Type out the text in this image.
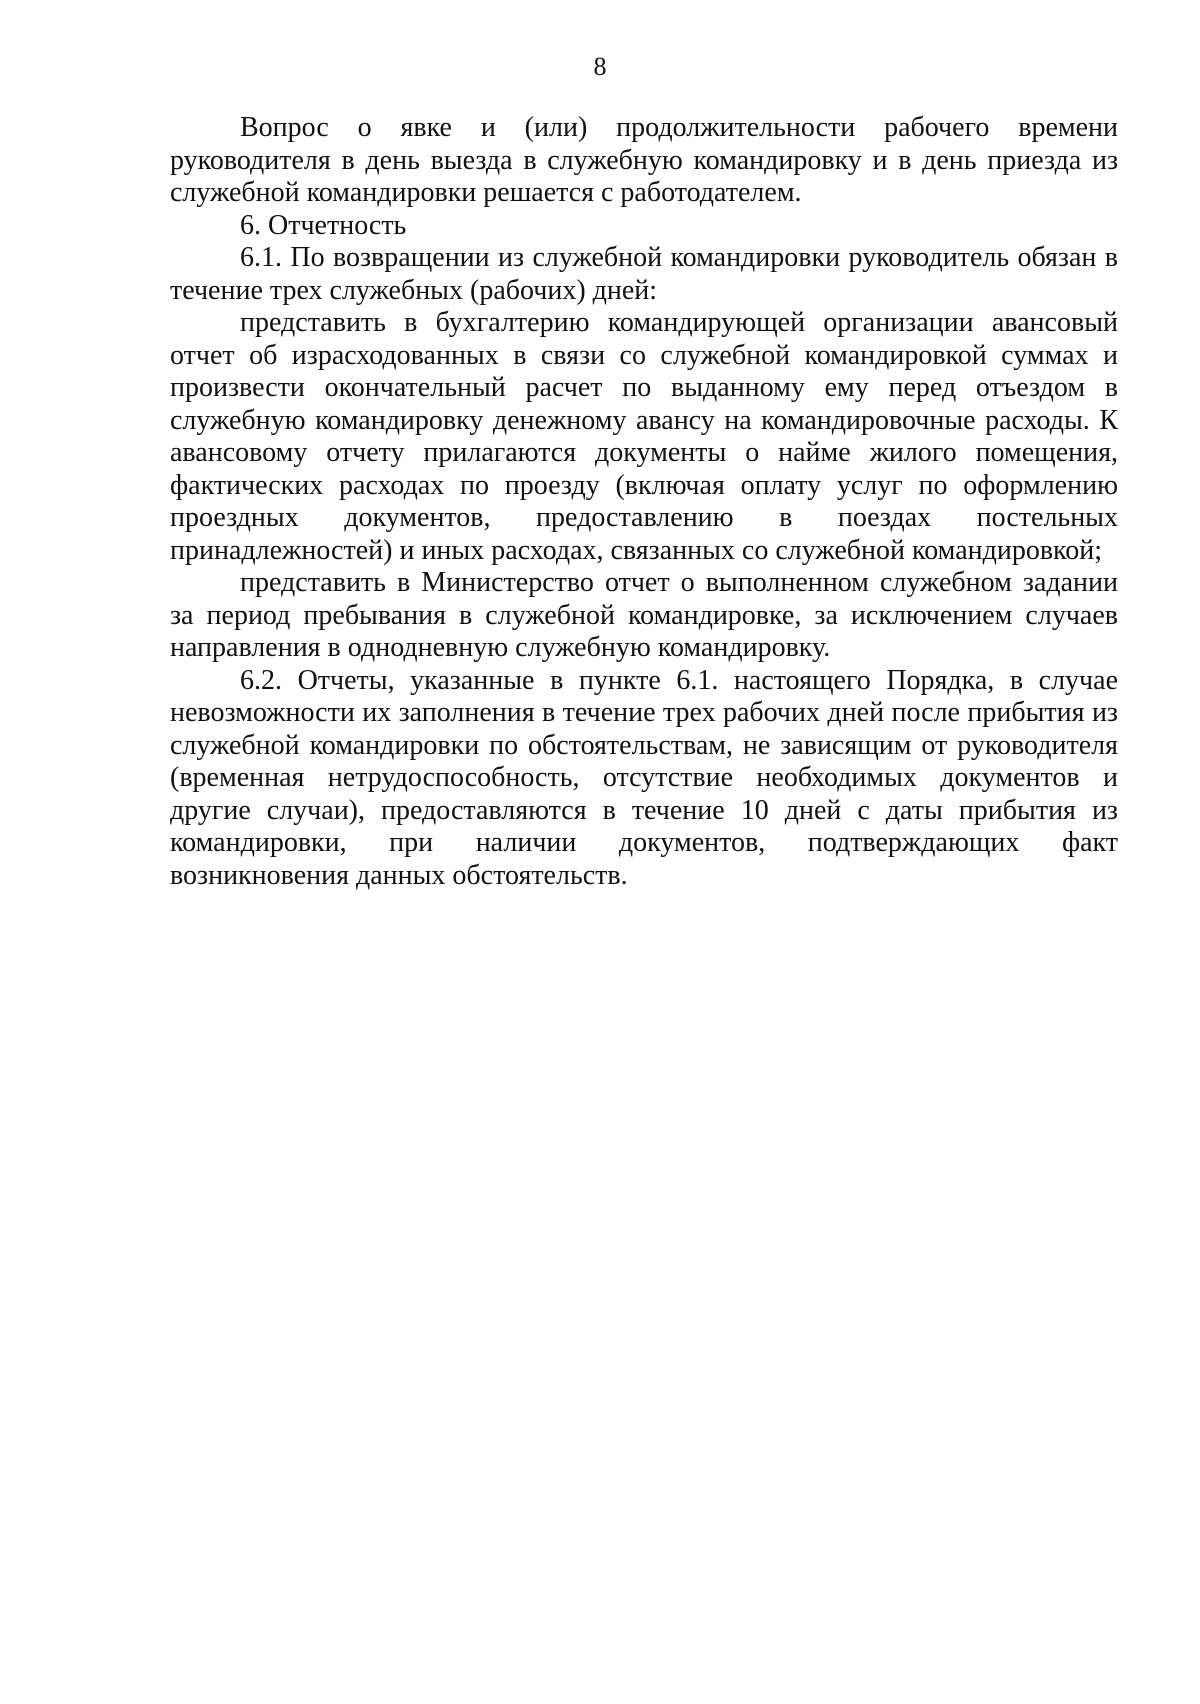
8

Вопрос о явке и (или) продолжительности рабочего времени руководителя в день выезда в служебную командировку и в день приезда из служебной командировки решается с работодателем.

6. Отчетность

6.1. По возвращении из служебной командировки руководитель обязан в течение трех служебных (рабочих) дней:

представить в бухгалтерию командирующей организации авансовый отчет об израсходованных в связи со служебной командировкой суммах и произвести окончательный расчет по выданному ему перед отъездом в служебную командировку денежному авансу на командировочные расходы. К авансовому отчету прилагаются документы о найме жилого помещения, фактических расходах по проезду (включая оплату услуг по оформлению проездных документов, предоставлению в поездах постельных принадлежностей) и иных расходах, связанных со служебной командировкой;

представить в Министерство отчет о выполненном служебном задании за период пребывания в служебной командировке, за исключением случаев направления в однодневную служебную командировку.

6.2. Отчеты, указанные в пункте 6.1. настоящего Порядка, в случае невозможности их заполнения в течение трех рабочих дней после прибытия из служебной командировки по обстоятельствам, не зависящим от руководителя (временная нетрудоспособность, отсутствие необходимых документов и другие случаи), предоставляются в течение 10 дней с даты прибытия из командировки, при наличии документов, подтверждающих факт возникновения данных обстоятельств.
